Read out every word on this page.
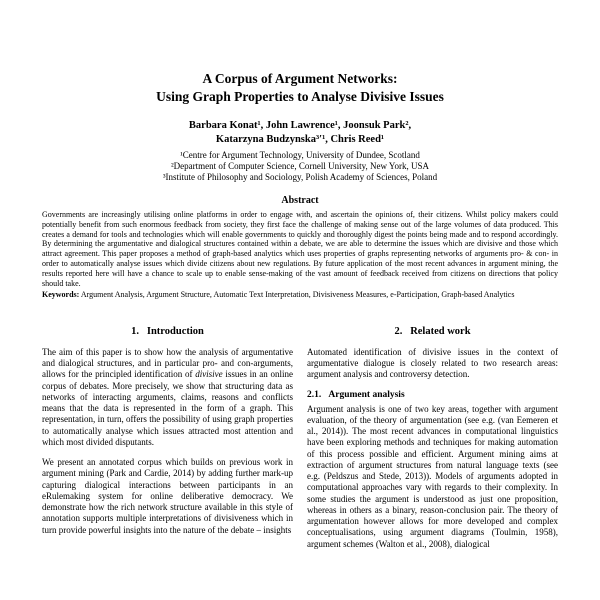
A Corpus of Argument Networks:
Using Graph Properties to Analyse Divisive Issues
Barbara Konat¹, John Lawrence¹, Joonsuk Park²,
Katarzyna Budzynska³ʹ¹, Chris Reed¹
¹Centre for Argument Technology, University of Dundee, Scotland
²Department of Computer Science, Cornell University, New York, USA
³Institute of Philosophy and Sociology, Polish Academy of Sciences, Poland
Abstract

Governments are increasingly utilising online platforms in order to engage with, and ascertain the opinions of, their citizens. Whilst policy makers could potentially benefit from such enormous feedback from society, they first face the challenge of making sense out of the large volumes of data produced. This creates a demand for tools and technologies which will enable governments to quickly and thoroughly digest the points being made and to respond accordingly. By determining the argumentative and dialogical structures contained within a debate, we are able to determine the issues which are divisive and those which attract agreement. This paper proposes a method of graph-based analytics which uses properties of graphs representing networks of arguments pro- & con- in order to automatically analyse issues which divide citizens about new regulations. By future application of the most recent advances in argument mining, the results reported here will have a chance to scale up to enable sense-making of the vast amount of feedback received from citizens on directions that policy should take.

Keywords: Argument Analysis, Argument Structure, Automatic Text Interpretation, Divisiveness Measures, e-Participation, Graph-based Analytics

1.   Introduction

The aim of this paper is to show how the analysis of argumentative and dialogical structures, and in particular pro- and con-arguments, allows for the principled identification of divisive issues in an online corpus of debates. More precisely, we show that structuring data as networks of interacting arguments, claims, reasons and conflicts means that the data is represented in the form of a graph. This representation, in turn, offers the possibility of using graph properties to automatically analyse which issues attracted most attention and which most divided disputants.

We present an annotated corpus which builds on previous work in argument mining (Park and Cardie, 2014) by adding further mark-up capturing dialogical interactions between participants in an eRulemaking system for online deliberative democracy. We demonstrate how the rich network structure available in this style of annotation supports multiple interpretations of divisiveness which in turn provide powerful insights into the nature of the debate – insights

2.   Related work

Automated identification of divisive issues in the context of argumentative dialogue is closely related to two research areas: argument analysis and controversy detection.

2.1.   Argument analysis

Argument analysis is one of two key areas, together with argument evaluation, of the theory of argumentation (see e.g. (van Eemeren et al., 2014)). The most recent advances in computational linguistics have been exploring methods and techniques for making automation of this process possible and efficient. Argument mining aims at extraction of argument structures from natural language texts (see e.g. (Peldszus and Stede, 2013)). Models of arguments adopted in computational approaches vary with regards to their complexity. In some studies the argument is understood as just one proposition, whereas in others as a binary, reason-conclusion pair. The theory of argumentation however allows for more developed and complex conceptualisations, using argument diagrams (Toulmin, 1958), argument schemes (Walton et al., 2008), dialogical
